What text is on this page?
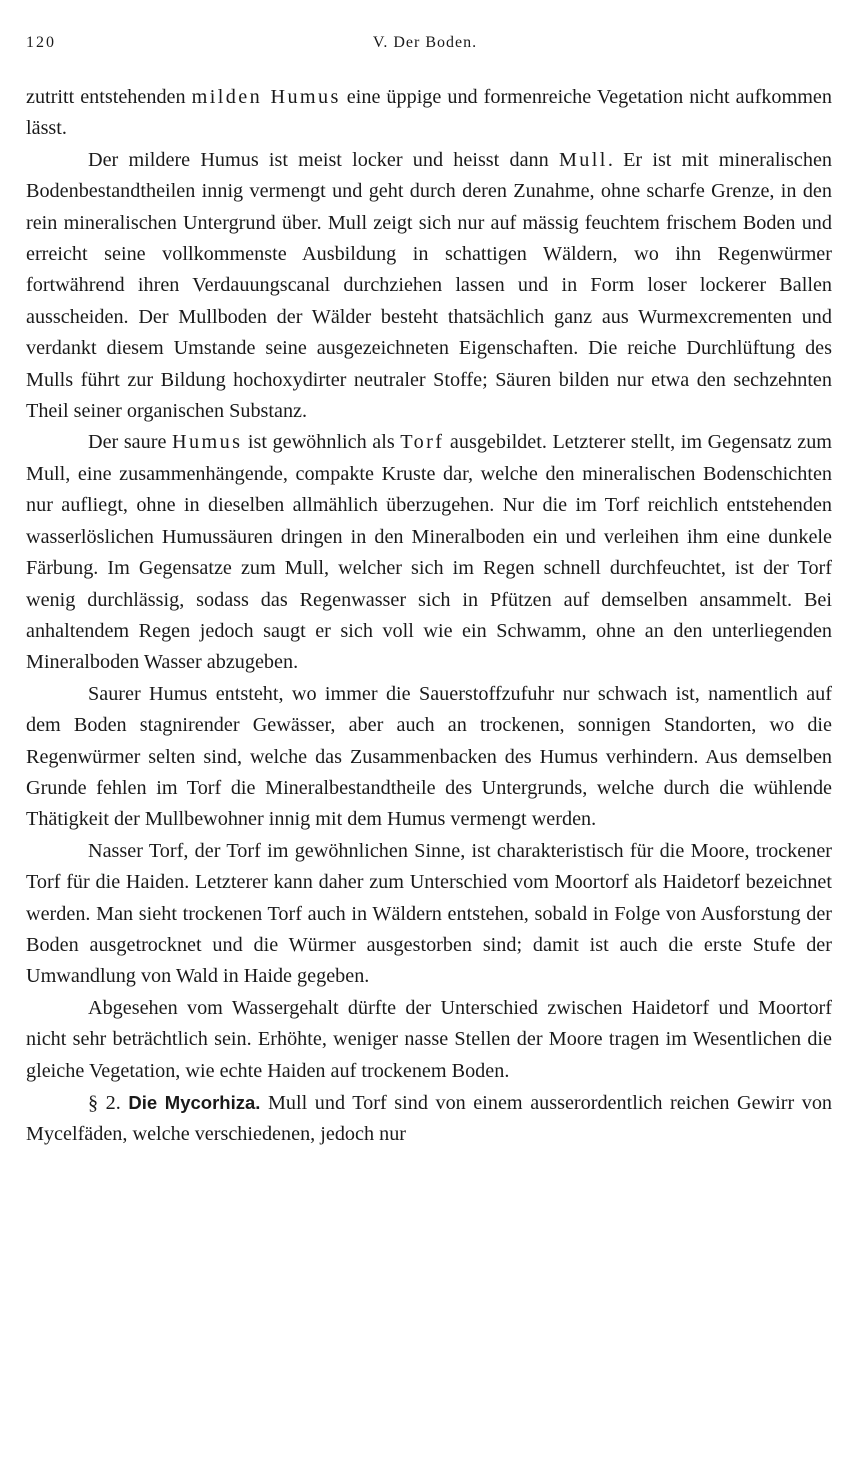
120	V. Der Boden.

zutritt entstehenden milden Humus eine üppige und formenreiche Vegetation nicht aufkommen lässt.

Der mildere Humus ist meist locker und heisst dann Mull. Er ist mit mineralischen Bodenbestandtheilen innig vermengt und geht durch deren Zunahme, ohne scharfe Grenze, in den rein mineralischen Untergrund über. Mull zeigt sich nur auf mässig feuchtem frischem Boden und erreicht seine vollkommenste Ausbildung in schattigen Wäldern, wo ihn Regenwürmer fortwährend ihren Verdauungscanal durchziehen lassen und in Form loser lockerer Ballen ausscheiden. Der Mullboden der Wälder besteht thatsächlich ganz aus Wurmexcrementen und verdankt diesem Umstande seine ausgezeichneten Eigenschaften. Die reiche Durchlüftung des Mulls führt zur Bildung hochoxydirter neutraler Stoffe; Säuren bilden nur etwa den sechzehnten Theil seiner organischen Substanz.

Der saure Humus ist gewöhnlich als Torf ausgebildet. Letzterer stellt, im Gegensatz zum Mull, eine zusammenhängende, compakte Kruste dar, welche den mineralischen Bodenschichten nur aufliegt, ohne in dieselben allmählich überzugehen. Nur die im Torf reichlich entstehenden wasserlöslichen Humussäuren dringen in den Mineralboden ein und verleihen ihm eine dunkele Färbung. Im Gegensatze zum Mull, welcher sich im Regen schnell durchfeuchtet, ist der Torf wenig durchlässig, sodass das Regenwasser sich in Pfützen auf demselben ansammelt. Bei anhaltendem Regen jedoch saugt er sich voll wie ein Schwamm, ohne an den unterliegenden Mineralboden Wasser abzugeben.

Saurer Humus entsteht, wo immer die Sauerstoffzufuhr nur schwach ist, namentlich auf dem Boden stagnirender Gewässer, aber auch an trockenen, sonnigen Standorten, wo die Regenwürmer selten sind, welche das Zusammenbacken des Humus verhindern. Aus demselben Grunde fehlen im Torf die Mineralbestandtheile des Untergrunds, welche durch die wühlende Thätigkeit der Mullbewohner innig mit dem Humus vermengt werden.

Nasser Torf, der Torf im gewöhnlichen Sinne, ist charakteristisch für die Moore, trockener Torf für die Haiden. Letzterer kann daher zum Unterschied vom Moortorf als Haidetorf bezeichnet werden. Man sieht trockenen Torf auch in Wäldern entstehen, sobald in Folge von Ausforstung der Boden ausgetrocknet und die Würmer ausgestorben sind; damit ist auch die erste Stufe der Umwandlung von Wald in Haide gegeben.

Abgesehen vom Wassergehalt dürfte der Unterschied zwischen Haidetorf und Moortorf nicht sehr beträchtlich sein. Erhöhte, weniger nasse Stellen der Moore tragen im Wesentlichen die gleiche Vegetation, wie echte Haiden auf trockenem Boden.

§ 2. Die Mycorhiza. Mull und Torf sind von einem ausserordentlich reichen Gewirr von Mycelfäden, welche verschiedenen, jedoch nur
